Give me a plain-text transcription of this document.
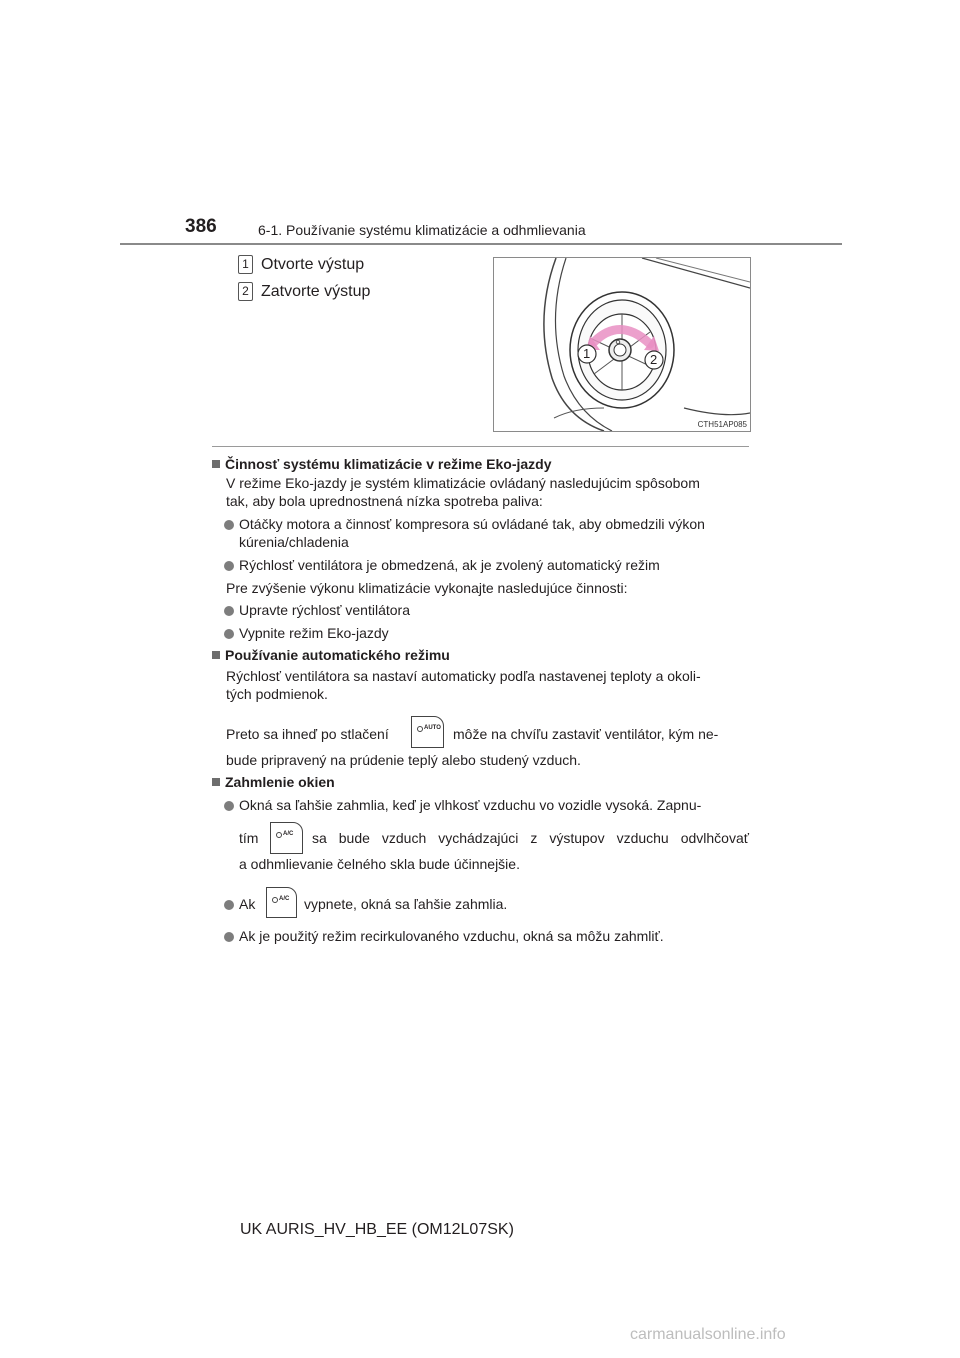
386	6-1. Používanie systému klimatizácie a odhmlievania
1 Otvorte výstup
2 Zatvorte výstup
1	2
CTH51AP085
Činnosť systému klimatizácie v režime Eko-jazdy
V režime Eko-jazdy je systém klimatizácie ovládaný nasledujúcim spôsobom
tak, aby bola uprednostnená nízka spotreba paliva:
Otáčky motora a činnosť kompresora sú ovládané tak, aby obmedzili výkon
kúrenia/chladenia
Rýchlosť ventilátora je obmedzená, ak je zvolený automatický režim
Pre zvýšenie výkonu klimatizácie vykonajte nasledujúce činnosti:
Upravte rýchlosť ventilátora
Vypnite režim Eko-jazdy
Používanie automatického režimu
Rýchlosť ventilátora sa nastaví automaticky podľa nastavenej teploty a okoli-
tých podmienok.
Preto sa ihneď po stlačení	AUTO môže na chvíľu zastaviť ventilátor, kým ne-
bude pripravený na prúdenie teplý alebo studený vzduch.
Zahmlenie okien
Okná sa ľahšie zahmlia, keď je vlhkosť vzduchu vo vozidle vysoká. Zapnu-
tím	A/C sa bude vzduch vychádzajúci z výstupov vzduchu odvlhčovať
a odhmlievanie čelného skla bude účinnejšie.
Ak	A/C vypnete, okná sa ľahšie zahmlia.
Ak je použitý režim recirkulovaného vzduchu, okná sa môžu zahmliť.
UK AURIS_HV_HB_EE (OM12L07SK)
carmanualsonline.info
